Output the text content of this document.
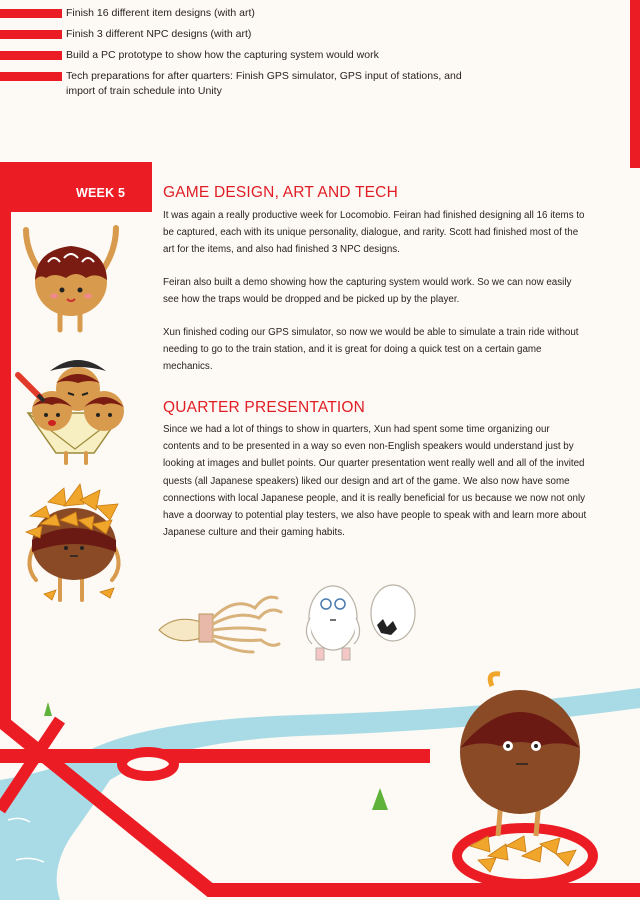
Finish 16 different item designs (with art)
Finish 3 different NPC designs (with art)
Build a PC prototype to show how the capturing system would work
Tech preparations for after quarters: Finish GPS simulator, GPS input of stations, and import of train schedule into Unity
WEEK 5 GAME DESIGN, ART AND TECH

It was again a really productive week for Locomobio. Feiran had finished designing all 16 items to be captured, each with its unique personality, dialogue, and rarity. Scott had finished most of the art for the items, and also had finished 3 NPC designs.

Feiran also built a demo showing how the capturing system would work. So we can now easily see how the traps would be dropped and be picked up by the player.

Xun finished coding our GPS simulator, so now we would be able to simulate a train ride without needing to go to the train station, and it is great for doing a quick test on a certain game mechanics.

QUARTER PRESENTATION

Since we had a lot of things to show in quarters, Xun had spent some time organizing our contents and to be presented in a way so even non-English speakers would understand just by looking at images and bullet points. Our quarter presentation went really well and all of the invited quests (all Japanese speakers) liked our design and art of the game. We also now have some connections with local Japanese people, and it is really beneficial for us because we now not only have a doorway to potential play testers, we also have people to speak with and learn more about Japanese culture and their gaming habits.
